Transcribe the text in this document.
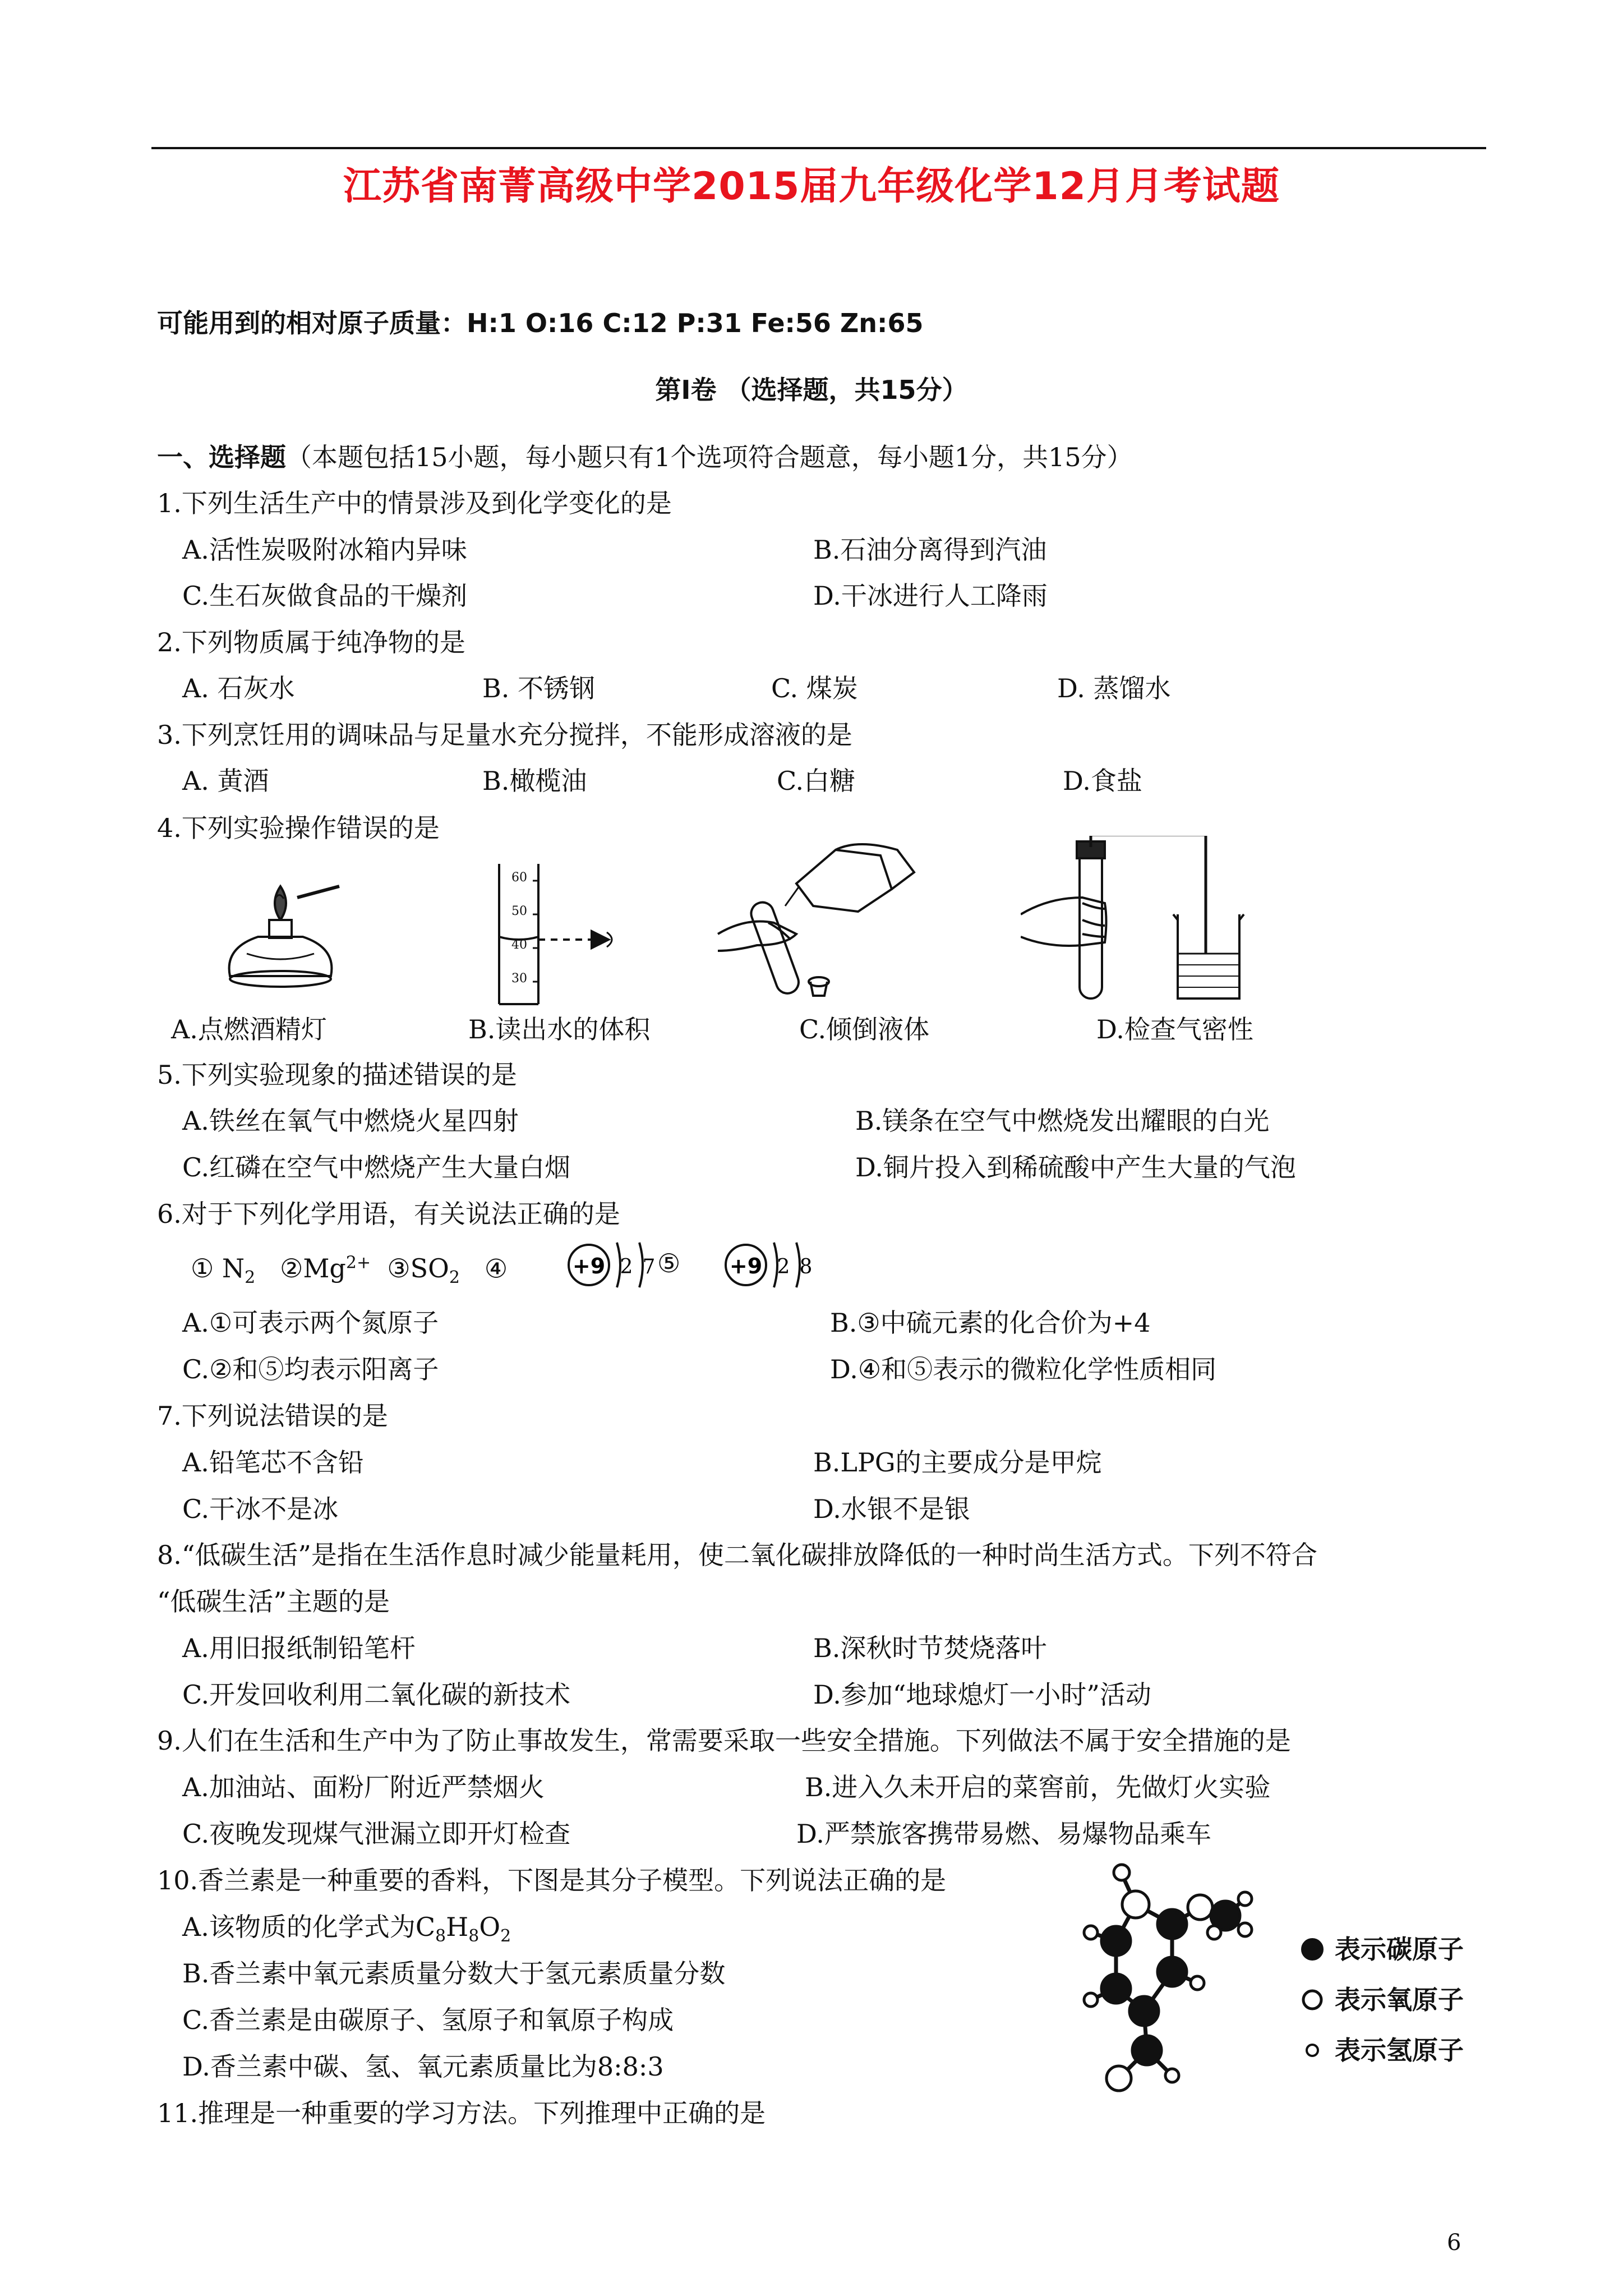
江苏省南菁高级中学2015届九年级化学12月月考试题
可能用到的相对原子质量：H:1 O:16 C:12 P:31 Fe:56 Zn:65
第Ⅰ卷 （选择题，共15分）
一、选择题（本题包括15小题，每小题只有1个选项符合题意，每小题1分，共15分）
1.下列生活生产中的情景涉及到化学变化的是
A.活性炭吸附冰箱内异味	B.石油分离得到汽油
C.生石灰做食品的干燥剂	D.干冰进行人工降雨
2.下列物质属于纯净物的是
A. 石灰水	B. 不锈钢	C. 煤炭	D. 蒸馏水
3.下列烹饪用的调味品与足量水充分搅拌，不能形成溶液的是
A. 黄酒	B.橄榄油	C.白糖	D.食盐
4.下列实验操作错误的是
60
50
40
30
A.点燃酒精灯	B.读出水的体积	C.倾倒液体	D.检查气密性
5.下列实验现象的描述错误的是
A.铁丝在氧气中燃烧火星四射	B.镁条在空气中燃烧发出耀眼的白光
C.红磷在空气中燃烧产生大量白烟	D.铜片投入到稀硫酸中产生大量的气泡
6.对于下列化学用语，有关说法正确的是
① $N_2$ $②Mg^{2+}$ $③SO_2$ ④	+9 2 7 ⑤ +9 2 8
A.①可表示两个氮原子	B.③中硫元素的化合价为+4
C.②和⑤均表示阳离子	D.④和⑤表示的微粒化学性质相同
7.下列说法错误的是
A.铅笔芯不含铅	B.LPG的主要成分是甲烷
C.干冰不是冰	D.水银不是银
8.“低碳生活”是指在生活作息时减少能量耗用，使二氧化碳排放降低的一种时尚生活方式。下列不符合
“低碳生活”主题的是
A.用旧报纸制铅笔杆	B.深秋时节焚烧落叶
C.开发回收利用二氧化碳的新技术	D.参加“地球熄灯一小时”活动
9.人们在生活和生产中为了防止事故发生，常需要采取一些安全措施。下列做法不属于安全措施的是
A.加油站、面粉厂附近严禁烟火	B.进入久未开启的菜窖前，先做灯火实验
C.夜晚发现煤气泄漏立即开灯检查	D.严禁旅客携带易燃、易爆物品乘车
10.香兰素是一种重要的香料，下图是其分子模型。下列说法正确的是
A.该物质的化学式为$C_8H_8O_2$
B.香兰素中氧元素质量分数大于氢元素质量分数
C.香兰素是由碳原子、氢原子和氧原子构成
D.香兰素中碳、氢、氧元素质量比为8:8:3
表示碳原子
表示氧原子
表示氢原子
11.推理是一种重要的学习方法。下列推理中正确的是
6
